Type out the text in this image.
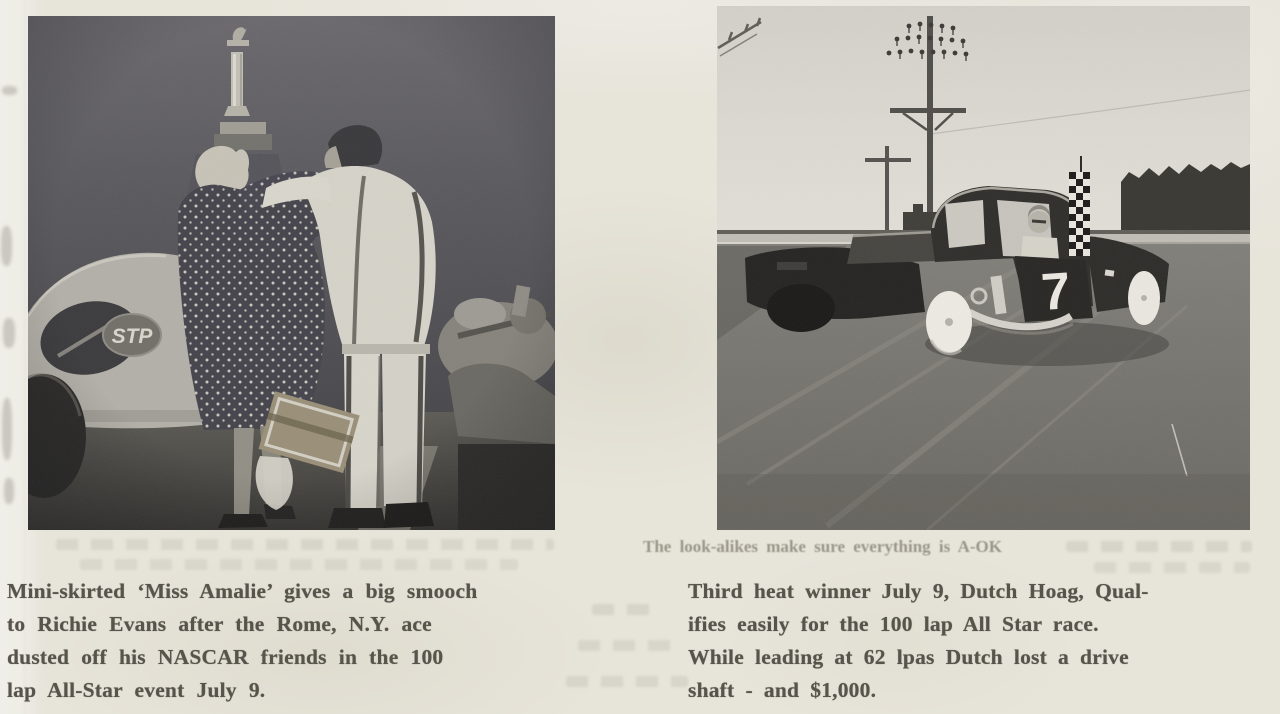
The look-alikes make sure everything is A-OK

Mini-skirted ‘Miss Amalie’ gives a big smooch
to Richie Evans after the Rome, N.Y. ace
dusted off his NASCAR friends in the 100
lap All-Star event July 9.

Third heat winner July 9, Dutch Hoag, Qual-
ifies easily for the 100 lap All Star race.
While leading at 62 lpas Dutch lost a drive
shaft - and $1,000.
